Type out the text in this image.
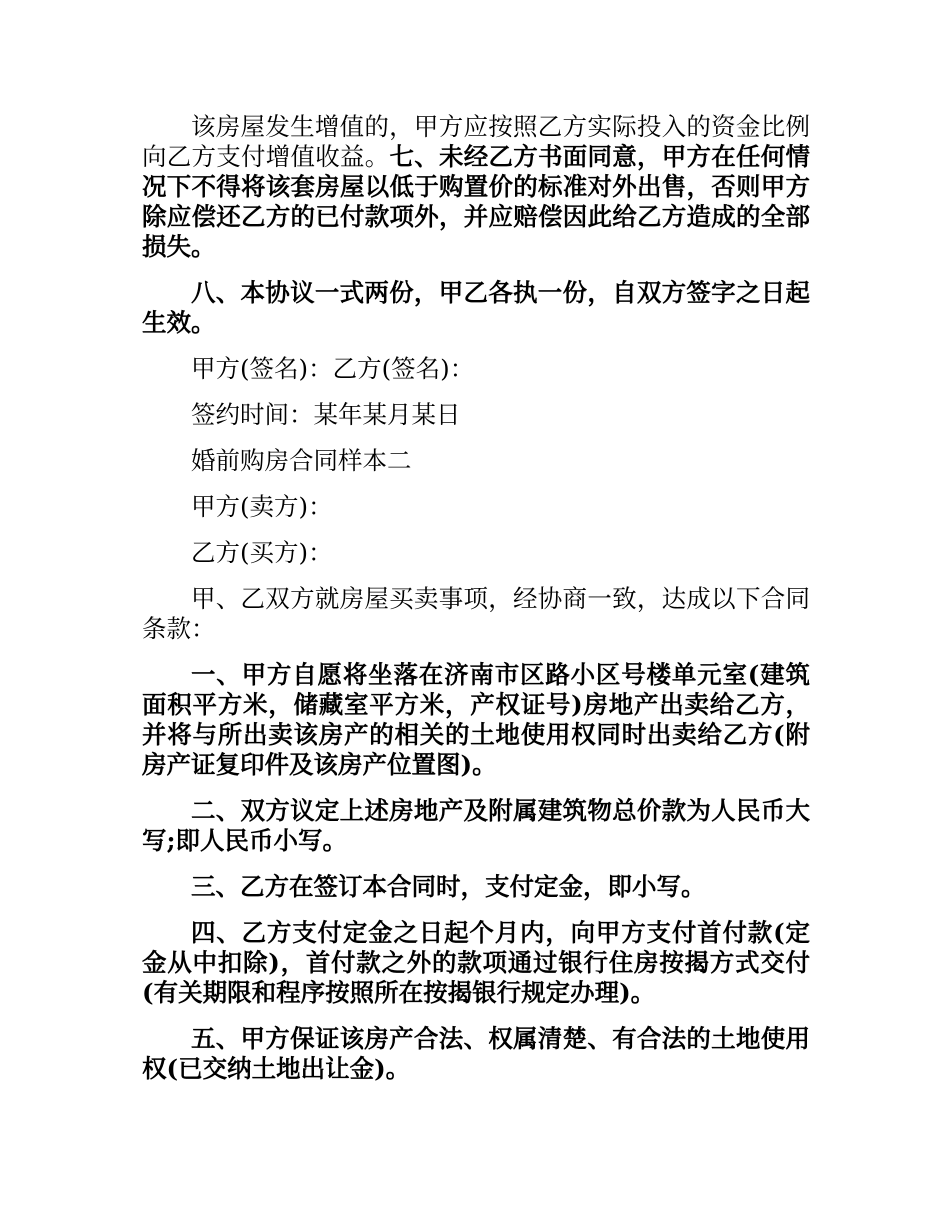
该房屋发生增值的，甲方应按照乙方实际投入的资金比例向乙方支付增值收益。七、未经乙方书面同意，甲方在任何情况下不得将该套房屋以低于购置价的标准对外出售，否则甲方除应偿还乙方的已付款项外，并应赔偿因此给乙方造成的全部损失。

八、本协议一式两份，甲乙各执一份，自双方签字之日起生效。

甲方(签名)：乙方(签名)：

签约时间：某年某月某日

婚前购房合同样本二

甲方(卖方)：

乙方(买方)：

甲、乙双方就房屋买卖事项，经协商一致，达成以下合同条款：

一、甲方自愿将坐落在济南市区路小区号楼单元室(建筑面积平方米，储藏室平方米，产权证号)房地产出卖给乙方，并将与所出卖该房产的相关的土地使用权同时出卖给乙方(附房产证复印件及该房产位置图)。

二、双方议定上述房地产及附属建筑物总价款为人民币大写;即人民币小写。

三、乙方在签订本合同时，支付定金，即小写。

四、乙方支付定金之日起个月内，向甲方支付首付款(定金从中扣除)，首付款之外的款项通过银行住房按揭方式交付(有关期限和程序按照所在按揭银行规定办理)。

五、甲方保证该房产合法、权属清楚、有合法的土地使用权(已交纳土地出让金)。
